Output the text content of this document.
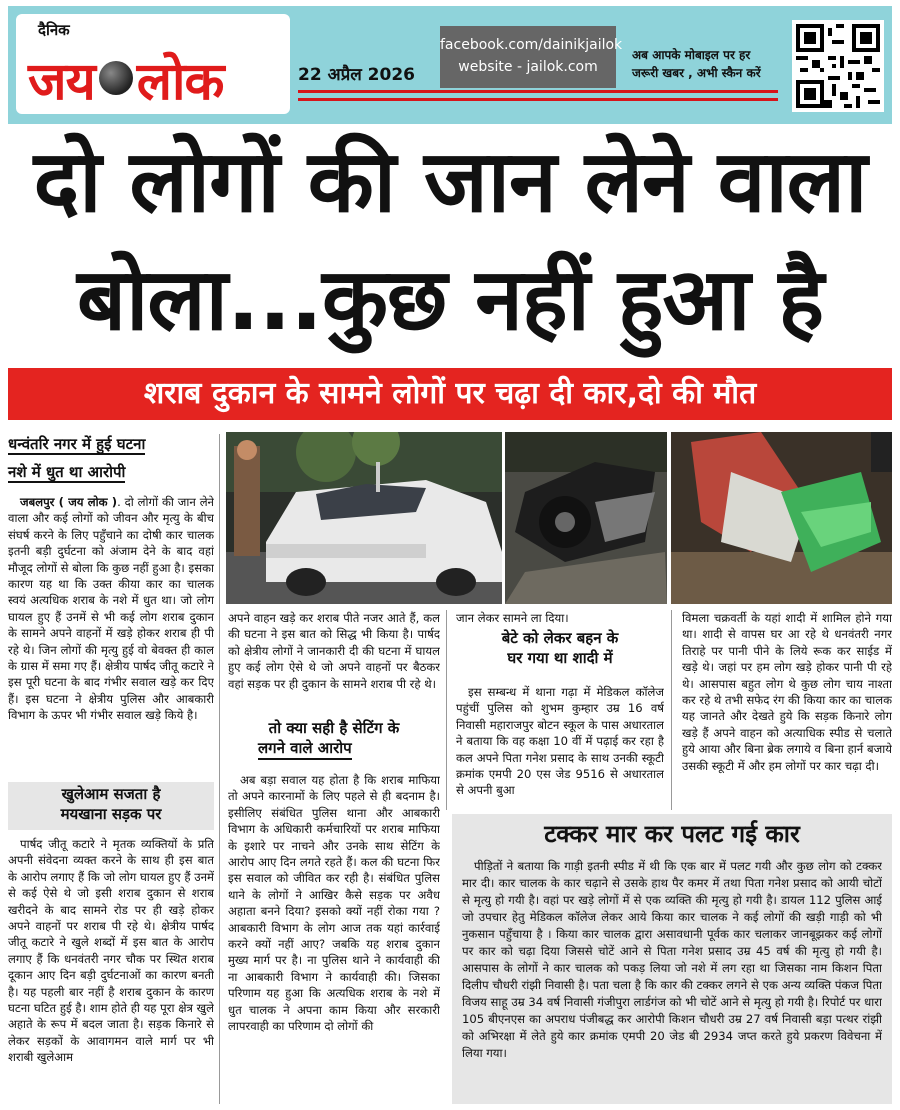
दैनिक
जय लोक	22 अप्रैल 2026
facebook.com/dainikjailok
website - jailok.com
अब आपके मोबाइल पर हर
जरूरी खबर , अभी स्कैन करें
दो लोगों की जान लेने वाला
बोला...कुछ नहीं हुआ है
शराब दुकान के सामने लोगों पर चढ़ा दी कार,दो की मौत
धन्वंतरि नगर में हुई घटना
नशे में धुत था आरोपी
जबलपुर ( जय लोक ). दो लोगों की जान लेने वाला और कई लोगों को जीवन और मृत्यु के बीच संघर्ष करने के लिए पहुँचाने का दोषी कार चालक इतनी बड़ी दुर्घटना को अंजाम देने के बाद वहां मौजूद लोगों से बोला कि कुछ नहीं हुआ है। इसका कारण यह था कि उक्त कीया कार का चालक स्वयं अत्यधिक शराब के नशे में धुत था। जो लोग घायल हुए हैं उनमें से भी कई लोग शराब दुकान के सामने अपने वाहनों में खड़े होकर शराब ही पी रहे थे। जिन लोगों की मृत्यु हुई वो बेवक्त ही काल के ग्रास में समा गए हैं। क्षेत्रीय पार्षद जीतू कटारे ने इस पूरी घटना के बाद गंभीर सवाल खड़े कर दिए हैं। इस घटना ने क्षेत्रीय पुलिस और आबकारी विभाग के ऊपर भी गंभीर सवाल खड़े किये है।
खुलेआम सजता है
मयखाना सड़क पर
पार्षद जीतू कटारे ने मृतक व्यक्तियों के प्रति अपनी संवेदना व्यक्त करने के साथ ही इस बात के आरोप लगाए हैं कि जो लोग घायल हुए हैं उनमें से कई ऐसे थे जो इसी शराब दुकान से शराब खरीदने के बाद सामने रोड पर ही खड़े होकर अपने वाहनों पर शराब पी रहे थे। क्षेत्रीय पार्षद जीतू कटारे ने खुले शब्दों में इस बात के आरोप लगाए हैं कि धनवंतरी नगर चौक पर स्थित शराब दूकान आए दिन बड़ी दुर्घटनाओं का कारण बनती है। यह पहली बार नहीं है शराब दुकान के कारण घटना घटित हुई है। शाम होते ही यह पूरा क्षेत्र खुले अहाते के रूप में बदल जाता है। सड़क किनारे से लेकर सड़कों के आवागमन वाले मार्ग पर भी शराबी खुलेआम
अपने वाहन खड़े कर शराब पीते नजर आते हैं, कल की घटना ने इस बात को सिद्ध भी किया है। पार्षद को क्षेत्रीय लोगों ने जानकारी दी की घटना में घायल हुए कई लोग ऐसे थे जो अपने वाहनों पर बैठकर वहां सड़क पर ही दुकान के सामने शराब पी रहे थे।
तो क्या सही है सेटिंग के
लगने वाले आरोप
अब बड़ा सवाल यह होता है कि शराब माफिया तो अपने कारनामों के लिए पहले से ही बदनाम है। इसीलिए संबंधित पुलिस थाना और आबकारी विभाग के अधिकारी कर्मचारियों पर शराब माफिया के इशारे पर नाचने और उनके साथ सेटिंग के आरोप आए दिन लगते रहते हैं। कल की घटना फिर इस सवाल को जीवित कर रही है। संबंधित पुलिस थाने के लोगों ने आखिर कैसे सड़क पर अवैध अहाता बनने दिया? इसको क्यों नहीं रोका गया ? आबकारी विभाग के लोग आज तक यहां कार्रवाई करने क्यों नहीं आए? जबकि यह शराब दुकान मुख्य मार्ग पर है। ना पुलिस थाने ने कार्यवाही की ना आबकारी विभाग ने कार्यवाही की। जिसका परिणाम यह हुआ कि अत्यधिक शराब के नशे में धुत चालक ने अपना काम किया और सरकारी लापरवाही का परिणाम दो लोगों की
जान लेकर सामने ला दिया।
बेटे को लेकर बहन के
घर गया था शादी में
इस सम्बन्ध में थाना गढ़ा में मेडिकल कॉलेज पहुंचीं पुलिस को शुभम कुम्हार उम्र 16 वर्ष निवासी महाराजपुर बोटन स्कूल के पास अधारताल ने बताया कि वह कक्षा 10 वीं में पढ़ाई कर रहा है कल अपने पिता गनेश प्रसाद के साथ उनकी स्कूटी क्रमांक एमपी 20 एस जेड 9516 से अधारताल से अपनी बुआ
विमला चक्रवर्ती के यहां शादी में शामिल होने गया था। शादी से वापस घर आ रहे थे धनवंतरी नगर तिराहे पर पानी पीने के लिये रूक कर साईड में खड़े थे। जहां पर हम लोग खड़े होकर पानी पी रहे थे। आसपास बहुत लोग थे कुछ लोग चाय नाश्ता कर रहे थे तभी सफेद रंग की किया कार का चालक यह जानते और देखते हुये कि सड़क किनारे लोग खड़े हैं अपने वाहन को अत्याधिक स्पीड से चलाते हुये आया और बिना ब्रेक लगाये व बिना हार्न बजाये उसकी स्कूटी में और हम लोगों पर कार चढ़ा दी।
टक्कर मार कर पलट गई कार
पीड़ितों ने बताया कि गाड़ी इतनी स्पीड में थी कि एक बार में पलट गयी और कुछ लोग को टक्कर मार दी। कार चालक के कार चढ़ाने से उसके हाथ पैर कमर में तथा पिता गनेश प्रसाद को आयी चोटों से मृत्यु हो गयी है। वहां पर खड़े लोगों में से एक व्यक्ति की मृत्यु हो गयी है। डायल 112 पुलिस आई जो उपचार हेतु मेडिकल कॉलेज लेकर आये किया कार चालक ने कई लोगों की खड़ी गाड़ी को भी नुकसान पहुँचाया है । किया कार चालक द्वारा असावधानी पूर्वक कार चलाकर जानबूझकर कई लोगों पर कार को चढ़ा दिया जिससे चोटें आने से पिता गनेश प्रसाद उम्र 45 वर्ष की मृत्यु हो गयी है। आसपास के लोगों ने कार चालक को पकड़ लिया जो नशे में लग रहा था जिसका नाम किशन पिता दिलीप चौधरी रांझी निवासी है। पता चला है कि कार की टक्कर लगने से एक अन्य व्यक्ति पंकज पिता विजय साहू उम्र 34 वर्ष निवासी गंजीपुरा लार्डगंज को भी चोटें आने से मृत्यु हो गयी है। रिपोर्ट पर धारा 105 बीएनएस का अपराध पंजीबद्ध कर आरोपी किशन चौधरी उम्र 27 वर्ष निवासी बड़ा पत्थर रांझी को अभिरक्षा में लेते हुये कार क्रमांक एमपी 20 जेड बी 2934 जप्त करते हुये प्रकरण विवेचना में लिया गया।
